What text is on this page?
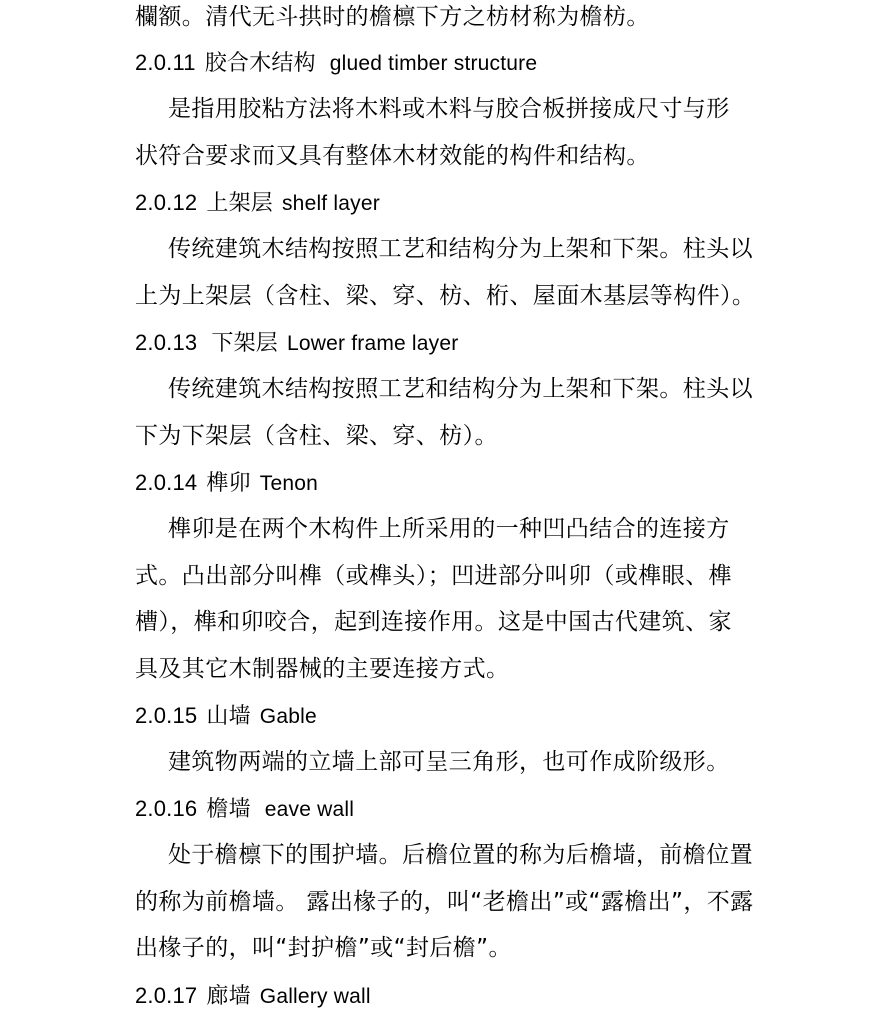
欄额。清代无斗拱时的檐檩下方之枋材称为檐枋。
2.0.11 胶合木结构 glued timber structure
是指用胶粘方法将木料或木料与胶合板拼接成尺寸与形
状符合要求而又具有整体木材效能的构件和结构。
2.0.12 上架层 shelf layer
传统建筑木结构按照工艺和结构分为上架和下架。柱头以
上为上架层（含柱、梁、穿、枋、桁、屋面木基层等构件）。
2.0.13 下架层 Lower frame layer
传统建筑木结构按照工艺和结构分为上架和下架。柱头以
下为下架层（含柱、梁、穿、枋）。
2.0.14 榫卯 Tenon
榫卯是在两个木构件上所采用的一种凹凸结合的连接方
式。凸出部分叫榫（或榫头）；凹进部分叫卯（或榫眼、榫
槽），榫和卯咬合，起到连接作用。这是中国古代建筑、家
具及其它木制器械的主要连接方式。
2.0.15 山墙 Gable
建筑物两端的立墙上部可呈三角形，也可作成阶级形。
2.0.16 檐墙 eave wall
处于檐檩下的围护墙。后檐位置的称为后檐墙，前檐位置
的称为前檐墙。 露出椽子的，叫“老檐出”或“露檐出”，不露
出椽子的，叫“封护檐”或“封后檐”。
2.0.17 廊墙 Gallery wall
